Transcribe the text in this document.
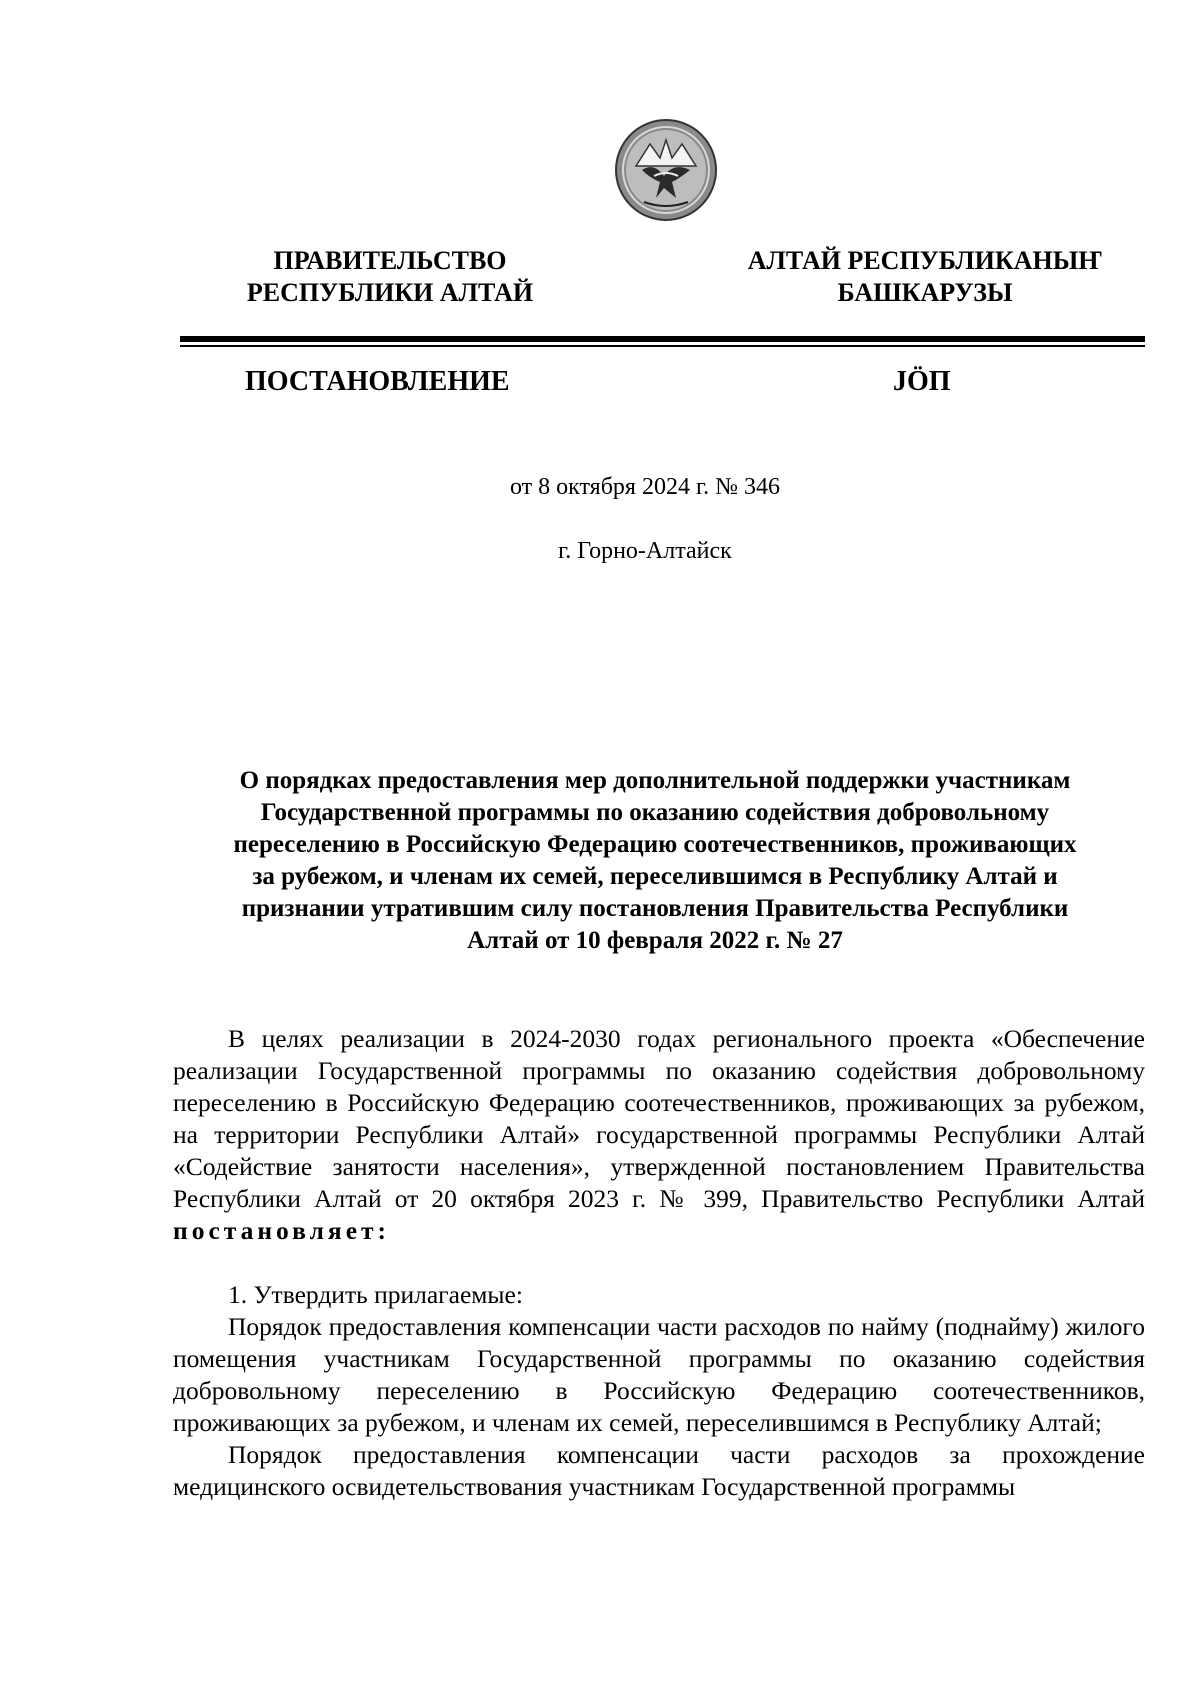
ПРАВИТЕЛЬСТВО
РЕСПУБЛИКИ АЛТАЙ
АЛТАЙ РЕСПУБЛИКАНЫҤ
БАШКАРУЗЫ
ПОСТАНОВЛЕНИЕ	JӦП
от 8 октября 2024 г. № 346
г. Горно-Алтайск
О порядках предоставления мер дополнительной поддержки участникам
Государственной программы по оказанию содействия добровольному
переселению в Российскую Федерацию соотечественников, проживающих
за рубежом, и членам их семей, переселившимся в Республику Алтай и
признании утратившим силу постановления Правительства Республики
Алтай от 10 февраля 2022 г. № 27

В целях реализации в 2024-2030 годах регионального проекта «Обеспечение реализации Государственной программы по оказанию содействия добровольному переселению в Российскую Федерацию соотечественников, проживающих за рубежом, на территории Республики Алтай» государственной программы Республики Алтай «Содействие занятости населения», утвержденной постановлением Правительства Республики Алтай от 20 октября 2023 г. № 399, Правительство Республики Алтай постановляет:

1. Утвердить прилагаемые:

Порядок предоставления компенсации части расходов по найму (поднайму) жилого помещения участникам Государственной программы по оказанию содействия добровольному переселению в Российскую Федерацию соотечественников, проживающих за рубежом, и членам их семей, переселившимся в Республику Алтай;

Порядок предоставления компенсации части расходов за прохождение медицинского освидетельствования участникам Государственной программы
